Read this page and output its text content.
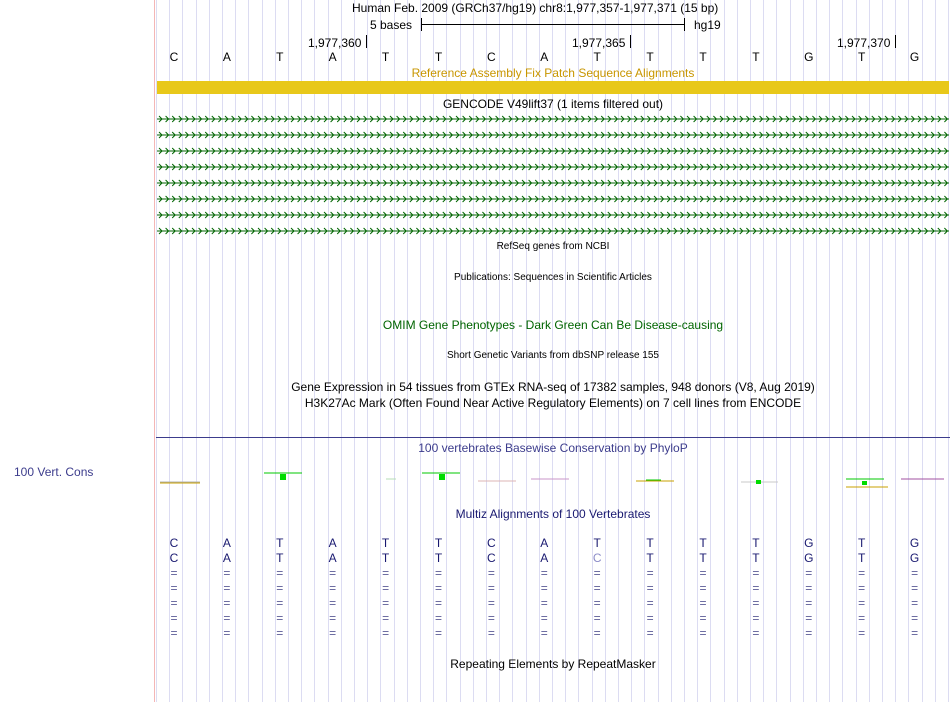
100 Vert. Cons
Human Feb. 2009 (GRCh37/hg19) chr8:1,977,357-1,977,371 (15 bp)
5 bases	hg19
1,977,360	1,977,365	1,977,370
C	A	T	A	T	T	C	A	T	T	T	T	G	T	G
Reference Assembly Fix Patch Sequence Alignments
GENCODE V49lift37 (1 items filtered out)
RefSeq genes from NCBI
Publications: Sequences in Scientific Articles
OMIM Gene Phenotypes - Dark Green Can Be Disease-causing
Short Genetic Variants from dbSNP release 155
Gene Expression in 54 tissues from GTEx RNA-seq of 17382 samples, 948 donors (V8, Aug 2019)
H3K27Ac Mark (Often Found Near Active Regulatory Elements) on 7 cell lines from ENCODE
100 vertebrates Basewise Conservation by PhyloP
Multiz Alignments of 100 Vertebrates
C	A	T	A	T	T	C	A	T	T	T	T	G	T	G
C	A	T	A	T	T	C	A	C	T	T	T	G	T	G
=	=	=	=	=	=	=	=	=	=	=	=	=	=	=
=	=	=	=	=	=	=	=	=	=	=	=	=	=	=
=	=	=	=	=	=	=	=	=	=	=	=	=	=	=
=	=	=	=	=	=	=	=	=	=	=	=	=	=	=
=	=	=	=	=	=	=	=	=	=	=	=	=	=	=
Repeating Elements by RepeatMasker
